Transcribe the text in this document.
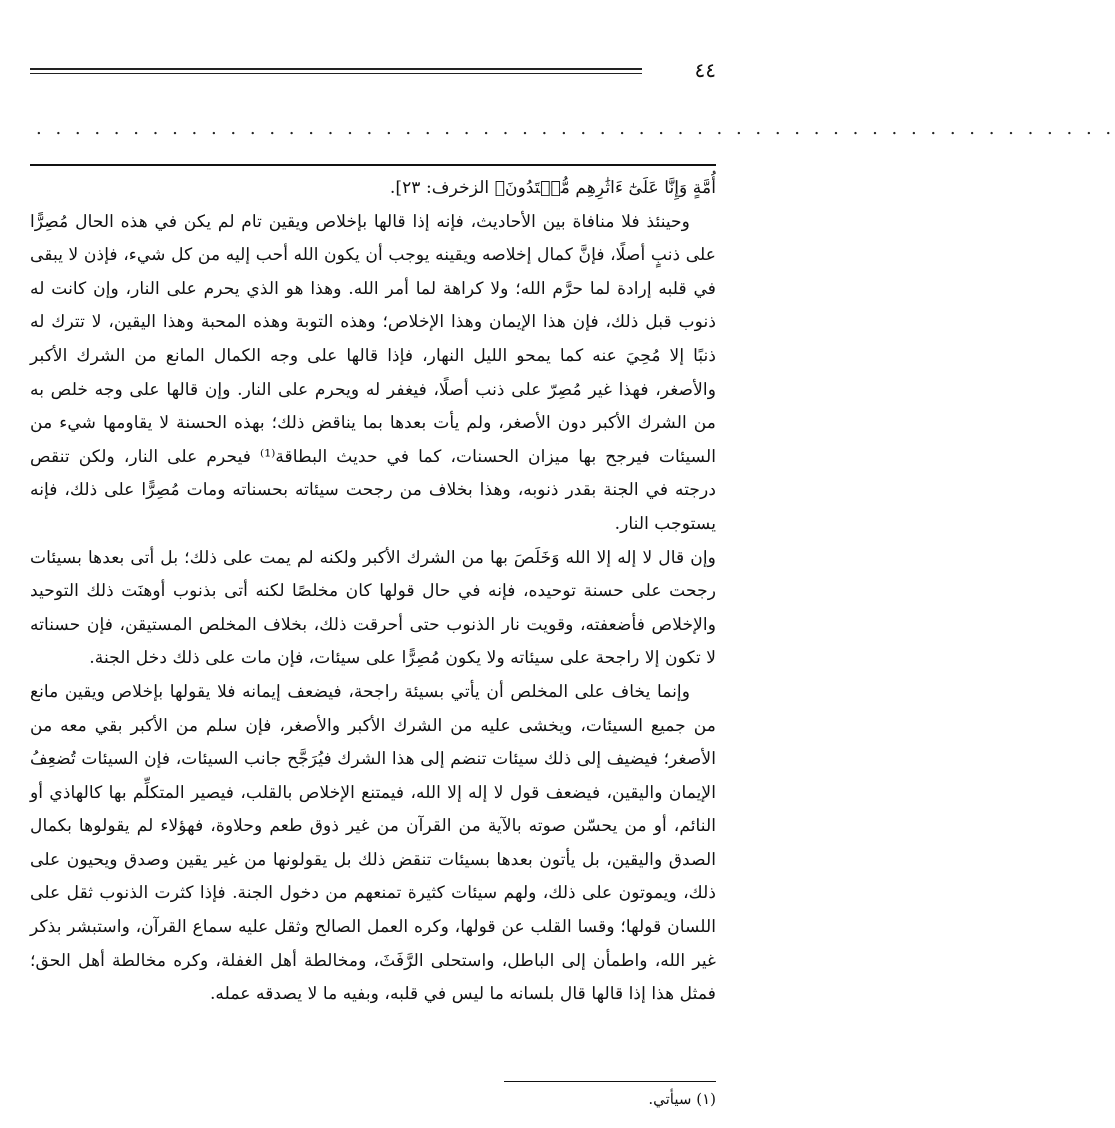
٤٤
. . . . . . . . . . . . . . . . . . . . . . . . . . . . . . . . . . . . . . . . . . . . . . . . . . . . . . . .

أُمَّةٍ وَإِنَّا عَلَىٰٓ ءَاثَٰرِهِم مُّقۡتَدُونَ﴾ الزخرف: ٢٣].

وحينئذ فلا منافاة بين الأحاديث، فإنه إذا قالها بإخلاص ويقين تام لم يكن في هذه الحال مُصِرًّا على ذنبٍ أصلًا، فإنَّ كمال إخلاصه ويقينه يوجب أن يكون الله أحب إليه من كل شيء، فإذن لا يبقى في قلبه إرادة لما حرَّم الله؛ ولا كراهة لما أمر الله. وهذا هو الذي يحرم على النار، وإن كانت له ذنوب قبل ذلك، فإن هذا الإيمان وهذا الإخلاص؛ وهذه التوبة وهذه المحبة وهذا اليقين، لا تترك له ذنبًا إلا مُحِيَ عنه كما يمحو الليل النهار، فإذا قالها على وجه الكمال المانع من الشرك الأكبر والأصغر، فهذا غير مُصِرّ على ذنب أصلًا، فيغفر له ويحرم على النار. وإن قالها على وجه خلص به من الشرك الأكبر دون الأصغر، ولم يأت بعدها بما يناقض ذلك؛ بهذه الحسنة لا يقاومها شيء من السيئات فيرجح بها ميزان الحسنات، كما في حديث البطاقة⁽¹⁾ فيحرم على النار، ولكن تنقص درجته في الجنة بقدر ذنوبه، وهذا بخلاف من رجحت سيئاته بحسناته ومات مُصِرًّا على ذلك، فإنه يستوجب النار.

وإن قال لا إله إلا الله وَخَلَصَ بها من الشرك الأكبر ولكنه لم يمت على ذلك؛ بل أتى بعدها بسيئات رجحت على حسنة توحيده، فإنه في حال قولها كان مخلصًا لكنه أتى بذنوب أوهنَت ذلك التوحيد والإخلاص فأضعفته، وقويت نار الذنوب حتى أحرقت ذلك، بخلاف المخلص المستيقن، فإن حسناته لا تكون إلا راجحة على سيئاته ولا يكون مُصِرًّا على سيئات، فإن مات على ذلك دخل الجنة.

وإنما يخاف على المخلص أن يأتي بسيئة راجحة، فيضعف إيمانه فلا يقولها بإخلاص ويقين مانع من جميع السيئات، ويخشى عليه من الشرك الأكبر والأصغر، فإن سلم من الأكبر بقي معه من الأصغر؛ فيضيف إلى ذلك سيئات تنضم إلى هذا الشرك فيُرَجَّح جانب السيئات، فإن السيئات تُضعِفُ الإيمان واليقين، فيضعف قول لا إله إلا الله، فيمتنع الإخلاص بالقلب، فيصير المتكلِّم بها كالهاذي أو النائم، أو من يحسّن صوته بالآية من القرآن من غير ذوق طعم وحلاوة، فهؤلاء لم يقولوها بكمال الصدق واليقين، بل يأتون بعدها بسيئات تنقض ذلك بل يقولونها من غير يقين وصدق ويحيون على ذلك، ويموتون على ذلك، ولهم سيئات كثيرة تمنعهم من دخول الجنة. فإذا كثرت الذنوب ثقل على اللسان قولها؛ وقسا القلب عن قولها، وكره العمل الصالح وثقل عليه سماع القرآن، واستبشر بذكر غير الله، واطمأن إلى الباطل، واستحلى الرَّفَثَ، ومخالطة أهل الغفلة، وكره مخالطة أهل الحق؛ فمثل هذا إذا قالها قال بلسانه ما ليس في قلبه، وبفيه ما لا يصدقه عمله.

(١) سيأتي.
